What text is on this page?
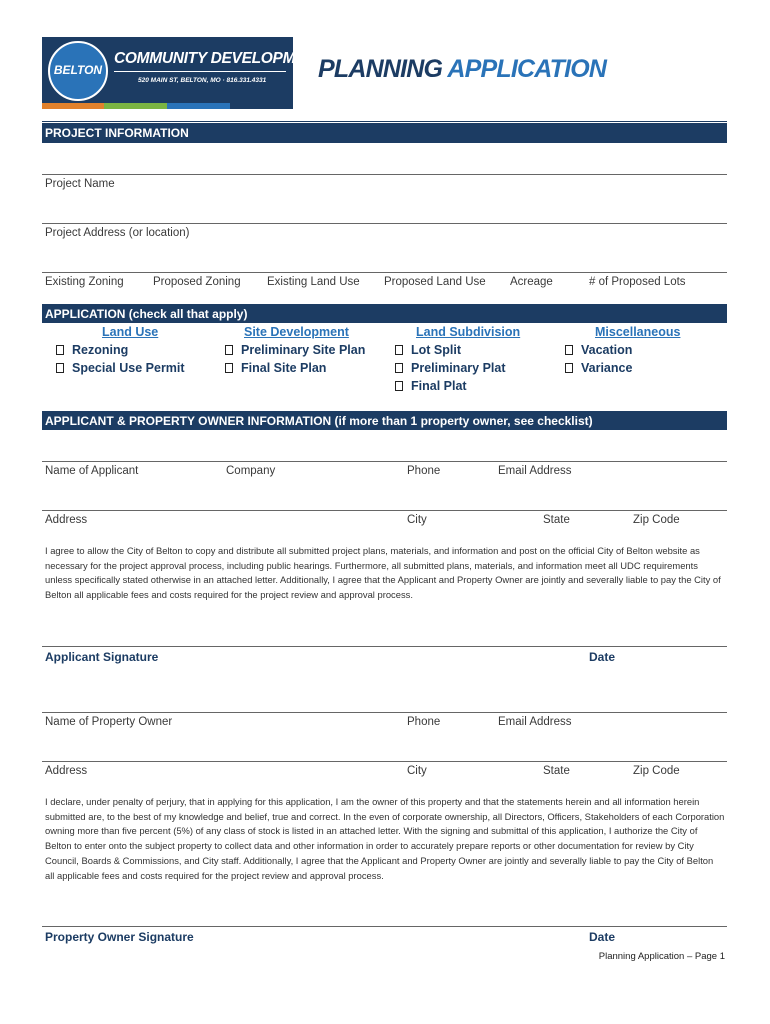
BELTON
COMMUNITY DEVELOPMENT
520 MAIN ST, BELTON, MO · 816.331.4331 PLANNING APPLICATION
PROJECT INFORMATION
Project Name
Project Address (or location)
Existing Zoning	Proposed Zoning Existing Land Use Proposed Land Use Acreage	# of Proposed Lots
APPLICATION (check all that apply)
Land Use
Rezoning
Special Use Permit
Site Development
Preliminary Site Plan
Final Site Plan
Land Subdivision
Lot Split
Preliminary Plat
Final Plat
Miscellaneous
Vacation
Variance
APPLICANT & PROPERTY OWNER INFORMATION (if more than 1 property owner, see checklist)
Name of Applicant	Company	Phone	Email Address
Address	City	State	Zip Code
I agree to allow the City of Belton to copy and distribute all submitted project plans, materials, and information and post on the official City of Belton website as necessary for the project approval process, including public hearings. Furthermore, all submitted plans, materials, and information meet all UDC requirements unless specifically stated otherwise in an attached letter. Additionally, I agree that the Applicant and Property Owner are jointly and severally liable to pay the City of Belton all applicable fees and costs required for the project review and approval process.
Applicant Signature	Date
Name of Property Owner	Phone	Email Address
Address	City	State	Zip Code
I declare, under penalty of perjury, that in applying for this application, I am the owner of this property and that the statements herein and all information herein submitted are, to the best of my knowledge and belief, true and correct. In the even of corporate ownership, all Directors, Officers, Stakeholders of each Corporation owning more than five percent (5%) of any class of stock is listed in an attached letter. With the signing and submittal of this application, I authorize the City of Belton to enter onto the subject property to collect data and other information in order to accurately prepare reports or other documentation for review by City Council, Boards & Commissions, and City staff. Additionally, I agree that the Applicant and Property Owner are jointly and severally liable to pay the City of Belton all applicable fees and costs required for the project review and approval process.
Property Owner Signature	Date
Planning Application – Page 1
